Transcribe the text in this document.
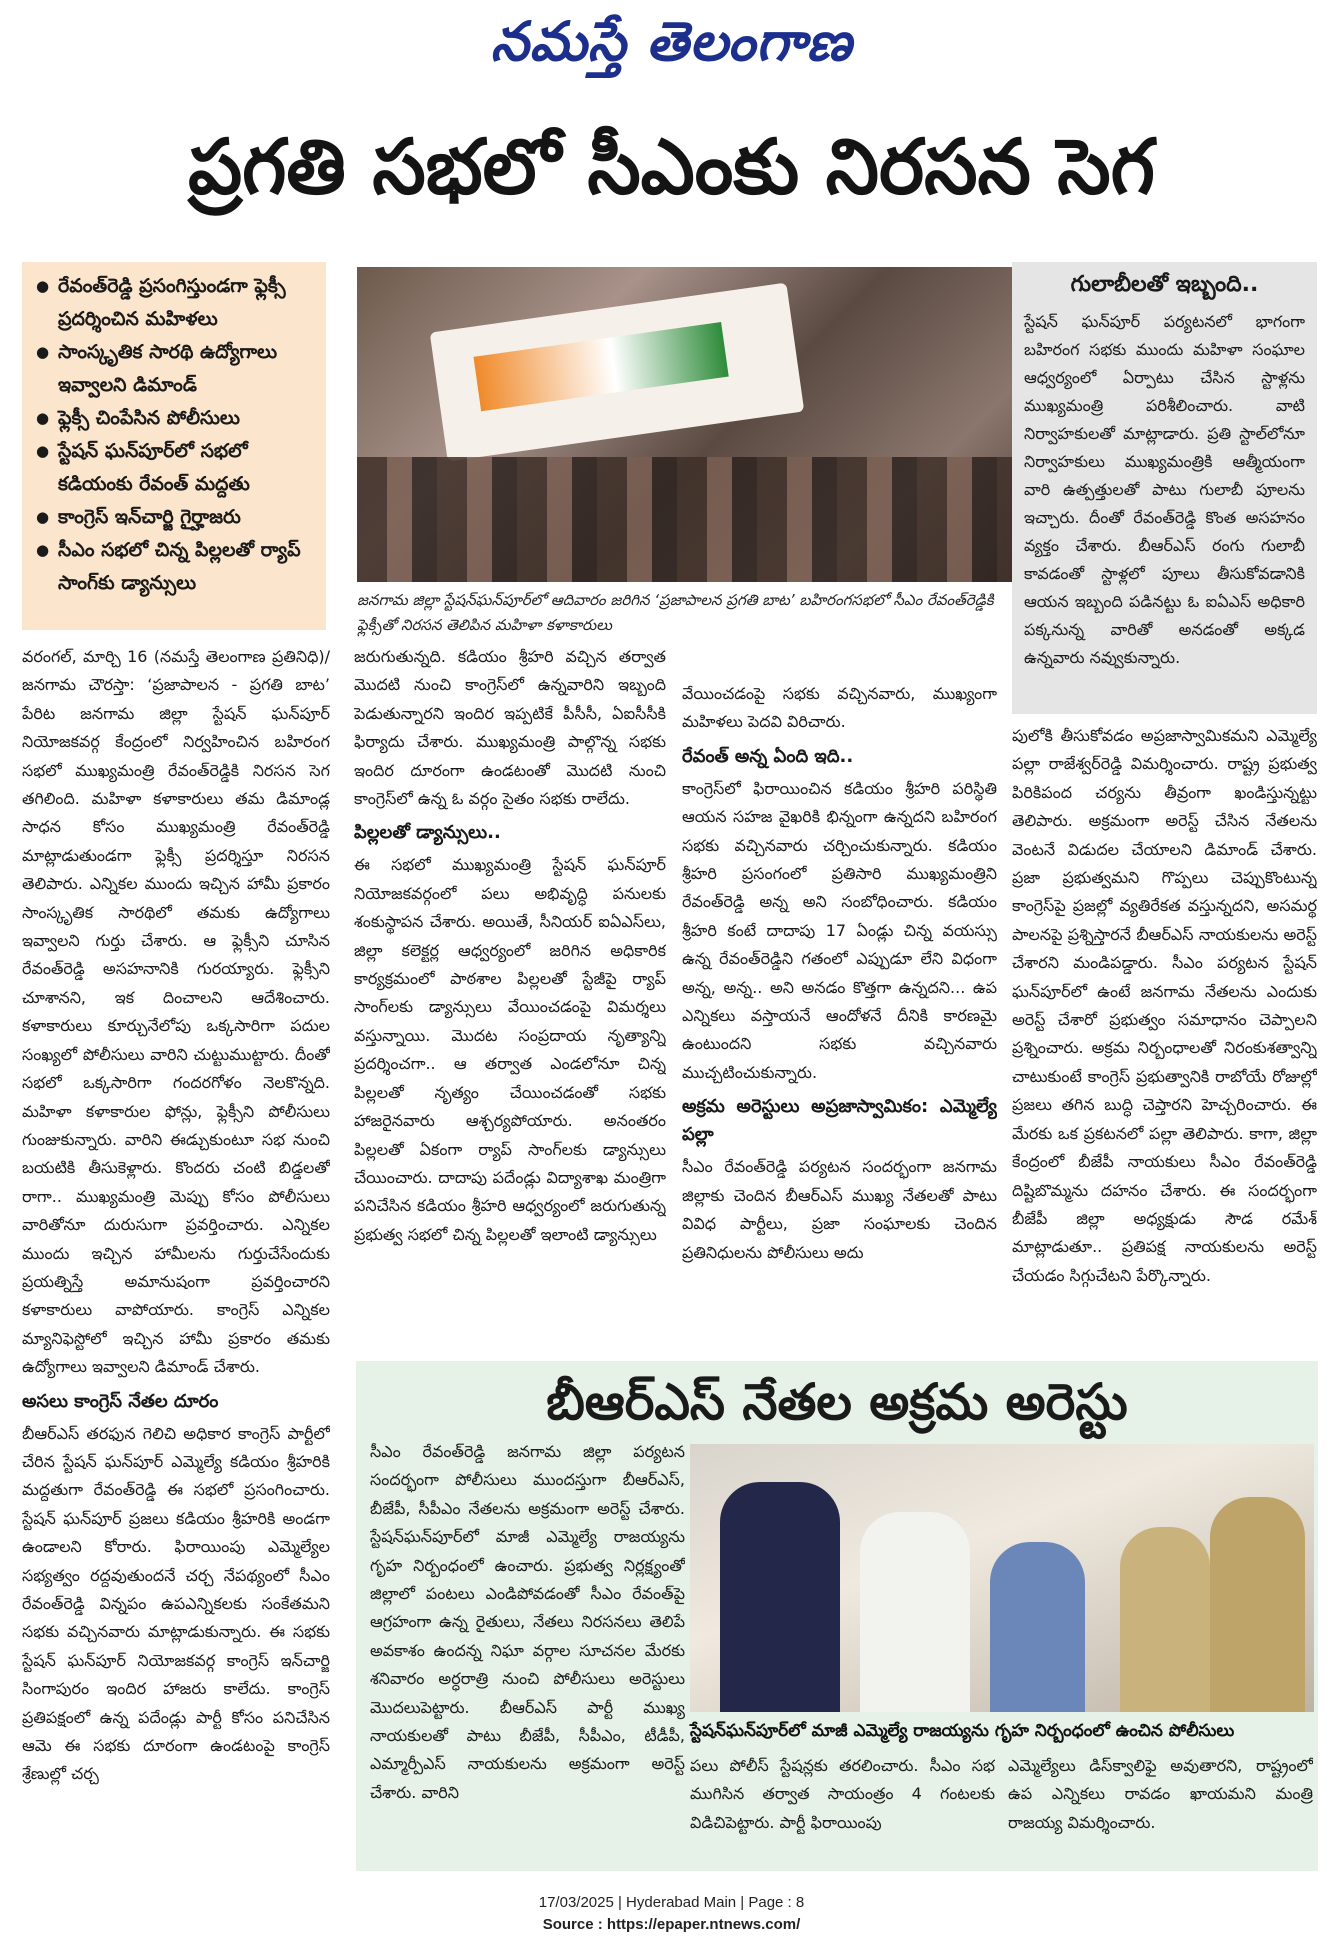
నమస్తే తెలంగాణ
ప్రగతి సభలో సీఎంకు నిరసన సెగ
● రేవంత్‌రెడ్డి ప్రసంగిస్తుండగా ఫ్లెక్సీ ప్రదర్శించిన మహిళలు
● సాంస్కృతిక సారథి ఉద్యోగాలు ఇవ్వాలని డిమాండ్‌
● ఫ్లెక్సీ చింపేసిన పోలీసులు
● స్టేషన్‌ ఘన్‌పూర్‌లో సభలో కడియంకు రేవంత్‌ మద్దతు
● కాంగ్రెస్‌ ఇన్‌చార్జి గైర్హాజరు
● సీఎం సభలో చిన్న పిల్లలతో ర్యాప్‌ సాంగ్‌కు డ్యాన్సులు
జనగామ జిల్లా స్టేషన్‌ఘన్‌పూర్‌లో ఆదివారం జరిగిన ‘ప్రజాపాలన ప్రగతి బాట’ బహిరంగసభలో సీఎం రేవంత్‌రెడ్డికి ఫ్లెక్సీతో నిరసన తెలిపిన మహిళా కళాకారులు
గులాబీలతో ఇబ్బంది..
స్టేషన్‌ ఘన్‌పూర్‌ పర్యటనలో భాగంగా బహిరంగ సభకు ముందు మహిళా సంఘాల ఆధ్వర్యంలో ఏర్పాటు చేసిన స్టాళ్లను ముఖ్యమంత్రి పరిశీలించారు. వాటి నిర్వాహకులతో మాట్లాడారు. ప్రతి స్టాల్‌లోనూ నిర్వాహకులు ముఖ్యమంత్రికి ఆత్మీయంగా వారి ఉత్పత్తులతో పాటు గులాబీ పూలను ఇచ్చారు. దీంతో రేవంత్‌రెడ్డి కొంత అసహనం వ్యక్తం చేశారు. బీఆర్‌ఎస్‌ రంగు గులాబీ కావడంతో స్టాళ్లలో పూలు తీసుకోవడానికి ఆయన ఇబ్బంది పడినట్టు ఓ ఐఏఎస్‌ అధికారి పక్కనున్న వారితో అనడంతో అక్కడ ఉన్నవారు నవ్వుకున్నారు.
వరంగల్‌, మార్చి 16 (నమస్తే తెలంగాణ ప్రతినిధి)/జనగామ చౌరస్తా: ‘ప్రజాపాలన - ప్రగతి బాట’ పేరిట జనగామ జిల్లా స్టేషన్‌ ఘన్‌పూర్‌ నియోజకవర్గ కేంద్రంలో నిర్వహించిన బహిరంగ సభలో ముఖ్యమంత్రి రేవంత్‌రెడ్డికి నిరసన సెగ తగిలింది. మహిళా కళాకారులు తమ డిమాండ్ల సాధన కోసం ముఖ్యమంత్రి రేవంత్‌రెడ్డి మాట్లాడుతుండగా ఫ్లెక్సీ ప్రదర్శిస్తూ నిరసన తెలిపారు. ఎన్నికల ముందు ఇచ్చిన హామీ ప్రకారం సాంస్కృతిక సారథిలో తమకు ఉద్యోగాలు ఇవ్వాలని గుర్తు చేశారు. ఆ ఫ్లెక్సీని చూసిన రేవంత్‌రెడ్డి అసహనానికి గురయ్యారు. ఫ్లెక్సీని చూశానని, ఇక దించాలని ఆదేశించారు. కళాకారులు కూర్చునేలోపు ఒక్కసారిగా పదుల సంఖ్యలో పోలీసులు వారిని చుట్టుముట్టారు. దీంతో సభలో ఒక్కసారిగా గందరగోళం నెలకొన్నది. మహిళా కళాకారుల ఫోన్లు, ఫ్లెక్సీని పోలీసులు గుంజుకున్నారు. వారిని ఈడ్చుకుంటూ సభ నుంచి బయటికి తీసుకెళ్లారు. కొందరు చంటి బిడ్డలతో రాగా.. ముఖ్యమంత్రి మెప్పు కోసం పోలీసులు వారితోనూ దురుసుగా ప్రవర్తించారు. ఎన్నికల ముందు ఇచ్చిన హామీలను గుర్తుచేసేందుకు ప్రయత్నిస్తే అమానుషంగా ప్రవర్తించారని కళాకారులు వాపోయారు. కాంగ్రెస్‌ ఎన్నికల మ్యానిఫెస్టోలో ఇచ్చిన హామీ ప్రకారం తమకు ఉద్యోగాలు ఇవ్వాలని డిమాండ్‌ చేశారు.
అసలు కాంగ్రెస్‌ నేతల దూరం
బీఆర్‌ఎస్‌ తరఫున గెలిచి అధికార కాంగ్రెస్‌ పార్టీలో చేరిన స్టేషన్‌ ఘన్‌పూర్‌ ఎమ్మెల్యే కడియం శ్రీహరికి మద్దతుగా రేవంత్‌రెడ్డి ఈ సభలో ప్రసంగించారు. స్టేషన్‌ ఘన్‌పూర్‌ ప్రజలు కడియం శ్రీహరికి అండగా ఉండాలని కోరారు. ఫిరాయింపు ఎమ్మెల్యేల సభ్యత్వం రద్దవుతుందనే చర్చ నేపథ్యంలో సీఎం రేవంత్‌రెడ్డి విన్నపం ఉపఎన్నికలకు సంకేతమని సభకు వచ్చినవారు మాట్లాడుకున్నారు. ఈ సభకు స్టేషన్‌ ఘన్‌పూర్‌ నియోజకవర్గ కాంగ్రెస్‌ ఇన్‌చార్జి సింగాపురం ఇందిర హాజరు కాలేదు. కాంగ్రెస్‌ ప్రతిపక్షంలో ఉన్న పదేండ్లు పార్టీ కోసం పనిచేసిన ఆమె ఈ సభకు దూరంగా ఉండటంపై కాంగ్రెస్‌ శ్రేణుల్లో చర్చ
జరుగుతున్నది. కడియం శ్రీహరి వచ్చిన తర్వాత మొదటి నుంచి కాంగ్రెస్‌లో ఉన్నవారిని ఇబ్బంది పెడుతున్నారని ఇందిర ఇప్పటికే పీసీసీ, ఏఐసీసీకి ఫిర్యాదు చేశారు. ముఖ్యమంత్రి పాల్గొన్న సభకు ఇందిర దూరంగా ఉండటంతో మొదటి నుంచి కాంగ్రెస్‌లో ఉన్న ఓ వర్గం సైతం సభకు రాలేదు.
పిల్లలతో డ్యాన్సులు..
ఈ సభలో ముఖ్యమంత్రి స్టేషన్‌ ఘన్‌పూర్‌ నియోజకవర్గంలో పలు అభివృద్ధి పనులకు శంకుస్థాపన చేశారు. అయితే, సీనియర్‌ ఐఏఎస్‌లు, జిల్లా కలెక్టర్ల ఆధ్వర్యంలో జరిగిన అధికారిక కార్యక్రమంలో పాఠశాల పిల్లలతో స్టేజీపై ర్యాప్‌ సాంగ్‌లకు డ్యాన్సులు వేయించడంపై విమర్శలు వస్తున్నాయి. మొదట సంప్రదాయ నృత్యాన్ని ప్రదర్శించగా.. ఆ తర్వాత ఎండలోనూ చిన్న పిల్లలతో నృత్యం చేయించడంతో సభకు హాజరైనవారు ఆశ్చర్యపోయారు. అనంతరం పిల్లలతో ఏకంగా ర్యాప్‌ సాంగ్‌లకు డ్యాన్సులు చేయించారు. దాదాపు పదేండ్లు విద్యాశాఖ మంత్రిగా పనిచేసిన కడియం శ్రీహరి ఆధ్వర్యంలో జరుగుతున్న ప్రభుత్వ సభలో చిన్న పిల్లలతో ఇలాంటి డ్యాన్సులు
వేయించడంపై సభకు వచ్చినవారు, ముఖ్యంగా మహిళలు పెదవి విరిచారు.
రేవంత్‌ అన్న ఏంది ఇది..
కాంగ్రెస్‌లో ఫిరాయించిన కడియం శ్రీహరి పరిస్థితి ఆయన సహజ వైఖరికి భిన్నంగా ఉన్నదని బహిరంగ సభకు వచ్చినవారు చర్చించుకున్నారు. కడియం శ్రీహరి ప్రసంగంలో ప్రతిసారి ముఖ్యమంత్రిని రేవంత్‌రెడ్డి అన్న అని సంబోధించారు. కడియం శ్రీహరి కంటే దాదాపు 17 ఏండ్లు చిన్న వయస్సు ఉన్న రేవంత్‌రెడ్డిని గతంలో ఎప్పుడూ లేని విధంగా అన్న, అన్న.. అని అనడం కొత్తగా ఉన్నదని... ఉప ఎన్నికలు వస్తాయనే ఆందోళనే దీనికి కారణమై ఉంటుందని సభకు వచ్చినవారు ముచ్చటించుకున్నారు.
అక్రమ అరెస్టులు అప్రజాస్వామికం: ఎమ్మెల్యే పల్లా
సీఎం రేవంత్‌రెడ్డి పర్యటన సందర్భంగా జనగామ జిల్లాకు చెందిన బీఆర్‌ఎస్‌ ముఖ్య నేతలతో పాటు వివిధ పార్టీలు, ప్రజా సంఘాలకు చెందిన ప్రతినిధులను పోలీసులు అదు
పులోకి తీసుకోవడం అప్రజాస్వామికమని ఎమ్మెల్యే పల్లా రాజేశ్వర్‌రెడ్డి విమర్శించారు. రాష్ట్ర ప్రభుత్వ పిరికిపంద చర్యను తీవ్రంగా ఖండిస్తున్నట్టు తెలిపారు. అక్రమంగా అరెస్ట్‌ చేసిన నేతలను వెంటనే విడుదల చేయాలని డిమాండ్‌ చేశారు. ప్రజా ప్రభుత్వమని గొప్పలు చెప్పుకొంటున్న కాంగ్రెస్‌పై ప్రజల్లో వ్యతిరేకత వస్తున్నదని, అసమర్థ పాలనపై ప్రశ్నిస్తారనే బీఆర్‌ఎస్‌ నాయకులను అరెస్ట్‌ చేశారని మండిపడ్డారు. సీఎం పర్యటన స్టేషన్‌ ఘన్‌పూర్‌లో ఉంటే జనగామ నేతలను ఎందుకు అరెస్ట్‌ చేశారో ప్రభుత్వం సమాధానం చెప్పాలని ప్రశ్నించారు. అక్రమ నిర్బంధాలతో నిరంకుశత్వాన్ని చాటుకుంటే కాంగ్రెస్‌ ప్రభుత్వానికి రాబోయే రోజుల్లో ప్రజలు తగిన బుద్ధి చెప్తారని హెచ్చరించారు. ఈ మేరకు ఒక ప్రకటనలో పల్లా తెలిపారు. కాగా, జిల్లా కేంద్రంలో బీజేపీ నాయకులు సీఎం రేవంత్‌రెడ్డి దిష్టిబొమ్మను దహనం చేశారు. ఈ సందర్భంగా బీజేపీ జిల్లా అధ్యక్షుడు సౌడ రమేశ్‌ మాట్లాడుతూ.. ప్రతిపక్ష నాయకులను అరెస్ట్‌ చేయడం సిగ్గుచేటని పేర్కొన్నారు.
బీఆర్‌ఎస్‌ నేతల అక్రమ అరెస్టు
సీఎం రేవంత్‌రెడ్డి జనగామ జిల్లా పర్యటన సందర్భంగా పోలీసులు ముందస్తుగా బీఆర్‌ఎస్‌, బీజేపీ, సీపీఎం నేతలను అక్రమంగా అరెస్ట్‌ చేశారు. స్టేషన్‌ఘన్‌పూర్‌లో మాజీ ఎమ్మెల్యే రాజయ్యను గృహ నిర్బంధంలో ఉంచారు. ప్రభుత్వ నిర్లక్ష్యంతో జిల్లాలో పంటలు ఎండిపోవడంతో సీఎం రేవంత్‌పై ఆగ్రహంగా ఉన్న రైతులు, నేతలు నిరసనలు తెలిపే అవకాశం ఉందన్న నిఘా వర్గాల సూచనల మేరకు శనివారం అర్ధరాత్రి నుంచి పోలీసులు అరెస్టులు మొదలుపెట్టారు. బీఆర్‌ఎస్‌ పార్టీ ముఖ్య నాయకులతో పాటు బీజేపీ, సీపీఎం, టీడీపీ, ఎమ్మార్పీఎస్‌ నాయకులను అక్రమంగా అరెస్ట్‌ చేశారు. వారిని
స్టేషన్‌ఘన్‌పూర్‌లో మాజీ ఎమ్మెల్యే రాజయ్యను గృహ నిర్బంధంలో ఉంచిన పోలీసులు
పలు పోలీస్‌ స్టేషన్లకు తరలించారు. సీఎం సభ ముగిసిన తర్వాత సాయంత్రం 4 గంటలకు విడిచిపెట్టారు. పార్టీ ఫిరాయింపు
ఎమ్మెల్యేలు డిస్‌క్వాలిఫై అవుతారని, రాష్ట్రంలో ఉప ఎన్నికలు రావడం ఖాయమని మంత్రి రాజయ్య విమర్శించారు.
17/03/2025 | Hyderabad Main | Page : 8
Source : https://epaper.ntnews.com/
